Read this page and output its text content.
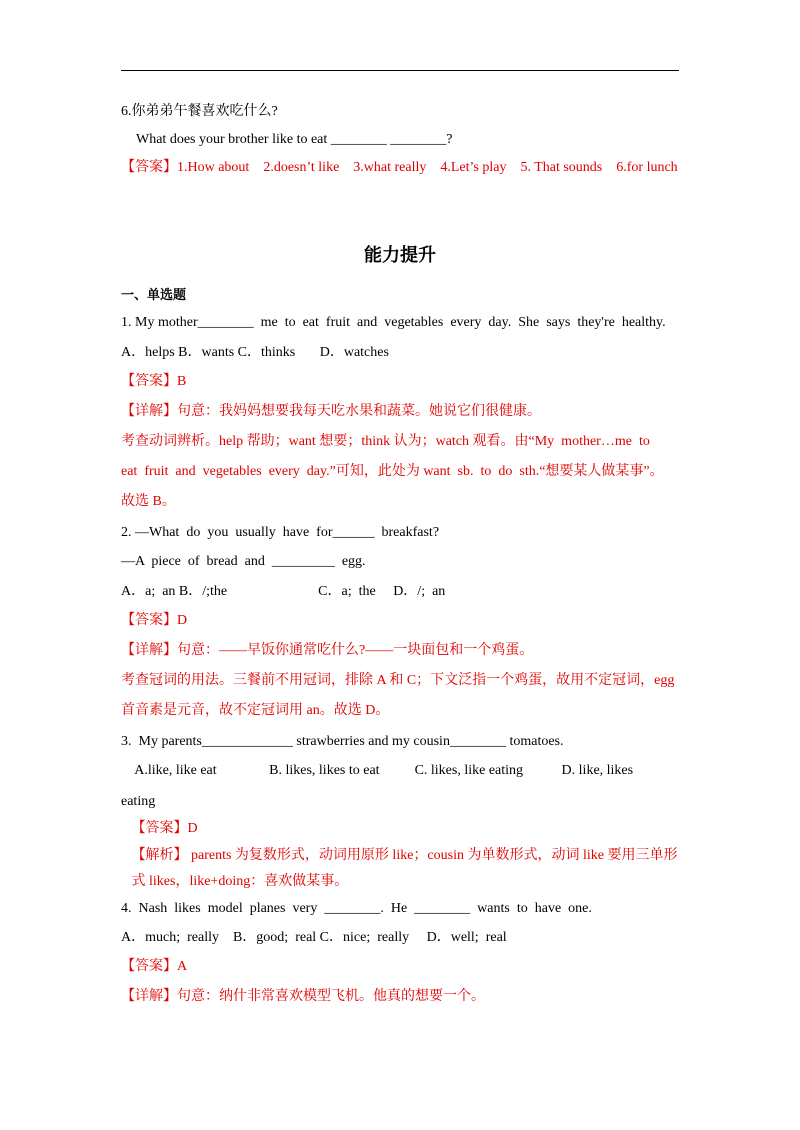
6.你弟弟午餐喜欢吃什么?
What does your brother like to eat ________ ________?
【答案】1.How about    2.doesn’t like    3.what really    4.Let’s play    5. That sounds    6.for lunch
能力提升
一、单选题
1. My mother________  me  to  eat  fruit  and  vegetables  every  day.  She  says  they're  healthy.
A．helps B．wants C．thinks       D．watches
【答案】B
【详解】句意：我妈妈想要我每天吃水果和蔬菜。她说它们很健康。
考查动词辨析。help 帮助；want 想要；think 认为；watch 观看。由“My  mother…me  to
eat  fruit  and  vegetables  every  day.”可知，此处为 want  sb.  to  do  sth.“想要某人做某事”。
故选 B。
2. —What  do  you  usually  have  for______  breakfast?
—A  piece  of  bread  and  _________  egg.
A．a;  an B．/;the                          C．a;  the     D．/;  an
【答案】D
【详解】句意：——早饭你通常吃什么?——一块面包和一个鸡蛋。
考查冠词的用法。三餐前不用冠词，排除 A 和 C；下文泛指一个鸡蛋，故用不定冠词，egg
首音素是元音，故不定冠词用 an。故选 D。
3.  My parents_____________ strawberries and my cousin________ tomatoes.
A.like, like eat               B. likes, likes to eat          C. likes, like eating           D. like, likes
eating
【答案】D
【解析】 parents 为复数形式，动词用原形 like；cousin 为单数形式，动词 like 要用三单形
式 likes，like+doing：喜欢做某事。
4.  Nash  likes  model  planes  very  ________.  He  ________  wants  to  have  one.
A．much;  really    B．good;  real C．nice;  really     D．well;  real
【答案】A
【详解】句意：纳什非常喜欢模型飞机。他真的想要一个。
